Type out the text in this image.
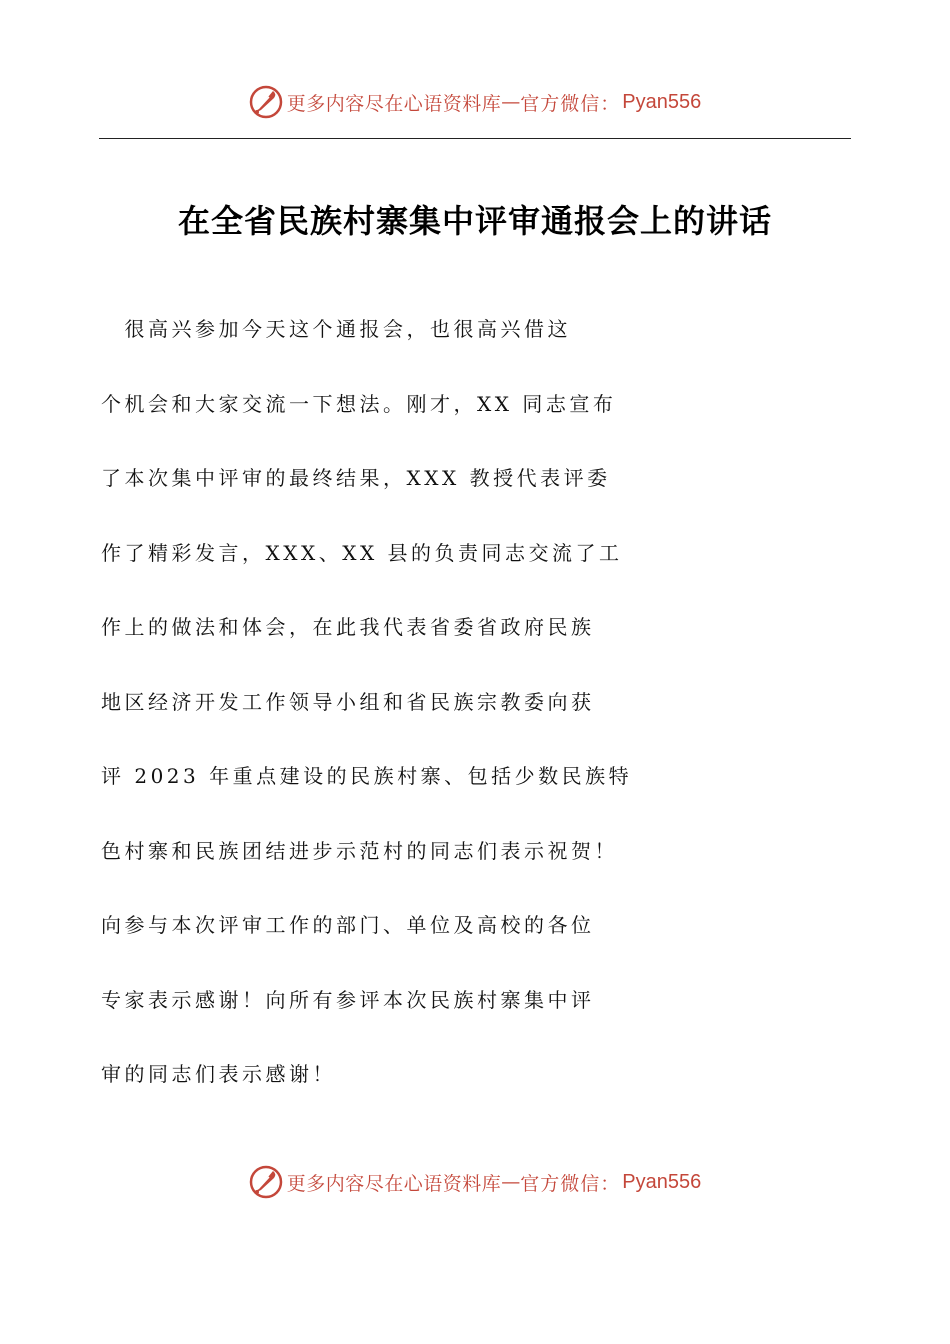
更多内容尽在心语资料库 — 官方微信： Pyan556
在全省民族村寨集中评审通报会上的讲话
　很高兴参加今天这个通报会，也很高兴借这
个机会和大家交流一下想法。刚才，XX 同志宣布
了本次集中评审的最终结果，XXX 教授代表评委
作了精彩发言，XXX、XX 县的负责同志交流了工
作上的做法和体会，在此我代表省委省政府民族
地区经济开发工作领导小组和省民族宗教委向获
评 2023 年重点建设的民族村寨、包括少数民族特
色村寨和民族团结进步示范村的同志们表示祝贺！
向参与本次评审工作的部门、单位及高校的各位
专家表示感谢！向所有参评本次民族村寨集中评
审的同志们表示感谢！
更多内容尽在心语资料库 — 官方微信： Pyan556
